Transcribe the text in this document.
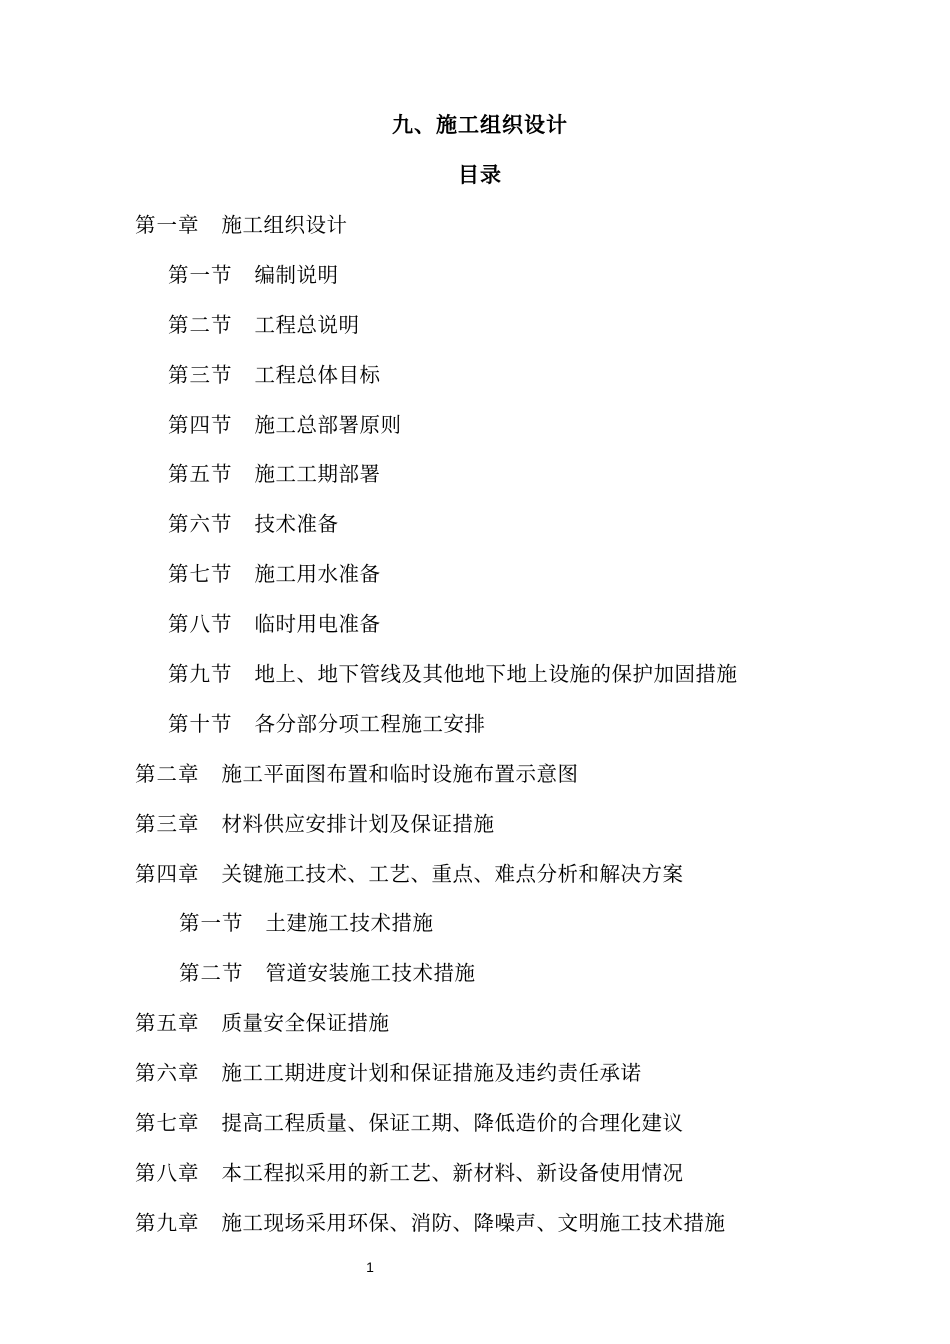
九、施工组织设计
目录
第一章 施工组织设计
第一节 编制说明
第二节 工程总说明
第三节 工程总体目标
第四节 施工总部署原则
第五节 施工工期部署
第六节 技术准备
第七节 施工用水准备
第八节 临时用电准备
第九节 地上、地下管线及其他地下地上设施的保护加固措施
第十节 各分部分项工程施工安排
第二章 施工平面图布置和临时设施布置示意图
第三章 材料供应安排计划及保证措施
第四章 关键施工技术、工艺、重点、难点分析和解决方案
第一节 土建施工技术措施
第二节 管道安装施工技术措施
第五章 质量安全保证措施
第六章 施工工期进度计划和保证措施及违约责任承诺
第七章 提高工程质量、保证工期、降低造价的合理化建议
第八章 本工程拟采用的新工艺、新材料、新设备使用情况
第九章 施工现场采用环保、消防、降噪声、文明施工技术措施
1
